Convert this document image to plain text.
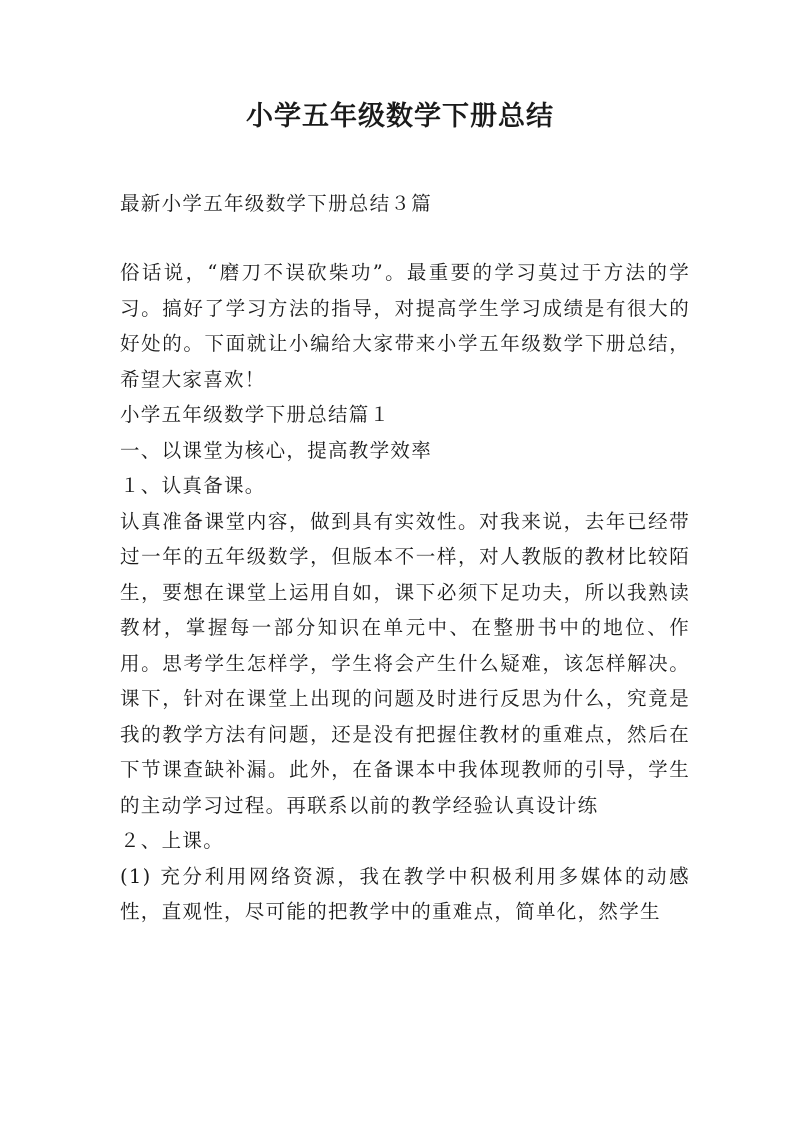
小学五年级数学下册总结
最新小学五年级数学下册总结３篇

俗话说，“磨刀不误砍柴功”。最重要的学习莫过于方法的学习。搞好了学习方法的指导，对提高学生学习成绩是有很大的好处的。下面就让小编给大家带来小学五年级数学下册总结，希望大家喜欢！

小学五年级数学下册总结篇１

一、以课堂为核心，提高教学效率

１、认真备课。

认真准备课堂内容，做到具有实效性。对我来说，去年已经带过一年的五年级数学，但版本不一样，对人教版的教材比较陌生，要想在课堂上运用自如，课下必须下足功夫，所以我熟读教材，掌握每一部分知识在单元中、在整册书中的地位、作用。思考学生怎样学，学生将会产生什么疑难，该怎样解决。课下，针对在课堂上出现的问题及时进行反思为什么，究竟是我的教学方法有问题，还是没有把握住教材的重难点，然后在下节课查缺补漏。此外，在备课本中我体现教师的引导，学生的主动学习过程。再联系以前的教学经验认真设计练

２、上课。

(1) 充分利用网络资源，我在教学中积极利用多媒体的动感性，直观性，尽可能的把教学中的重难点，简单化，然学生
